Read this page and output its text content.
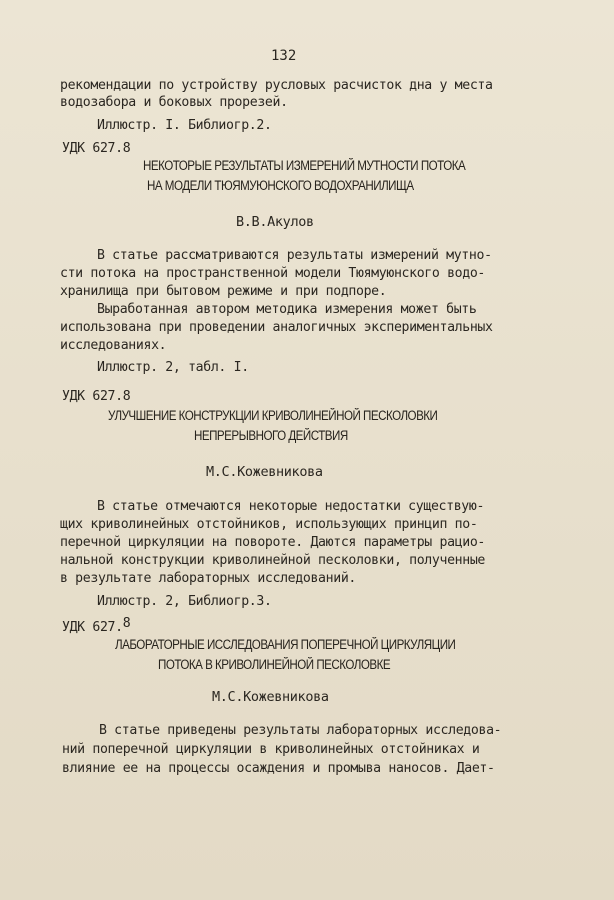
132
рекомендации по устройству русловых расчисток дна у места
водозабора и боковых прорезей.
Иллюстр. I. Библиогр.2.
УДК 627.8
НЕКОТОРЫЕ РЕЗУЛЬТАТЫ ИЗМЕРЕНИЙ МУТНОСТИ ПОТОКА
НА МОДЕЛИ ТЮЯМУЮНСКОГО ВОДОХРАНИЛИЩА
В.В.Акулов
В статье рассматриваются результаты измерений мутно-
сти потока на пространственной модели Тюямуюнского водо-
хранилища при бытовом режиме и при подпоре.
Выработанная автором методика измерения может быть
использована при проведении аналогичных экспериментальных
исследованиях.
Иллюстр. 2, табл. I.
УДК 627.8
УЛУЧШЕНИЕ КОНСТРУКЦИИ КРИВОЛИНЕЙНОЙ ПЕСКОЛОВКИ
НЕПРЕРЫВНОГО ДЕЙСТВИЯ
М.С.Кожевникова
В статье отмечаются некоторые недостатки существую-
щих криволинейных отстойников, использующих принцип по-
перечной циркуляции на повороте. Даются параметры рацио-
нальной конструкции криволинейной песколовки, полученные
в результате лабораторных исследований.
Иллюстр. 2, Библиогр.3.
УДК 627.8
ЛАБОРАТОРНЫЕ ИССЛЕДОВАНИЯ ПОПЕРЕЧНОЙ ЦИРКУЛЯЦИИ
ПОТОКА В КРИВОЛИНЕЙНОЙ ПЕСКОЛОВКЕ
М.С.Кожевникова
В статье приведены результаты лабораторных исследова-
ний поперечной циркуляции в криволинейных отстойниках и
влияние ее на процессы осаждения и промыва наносов. Дает-
